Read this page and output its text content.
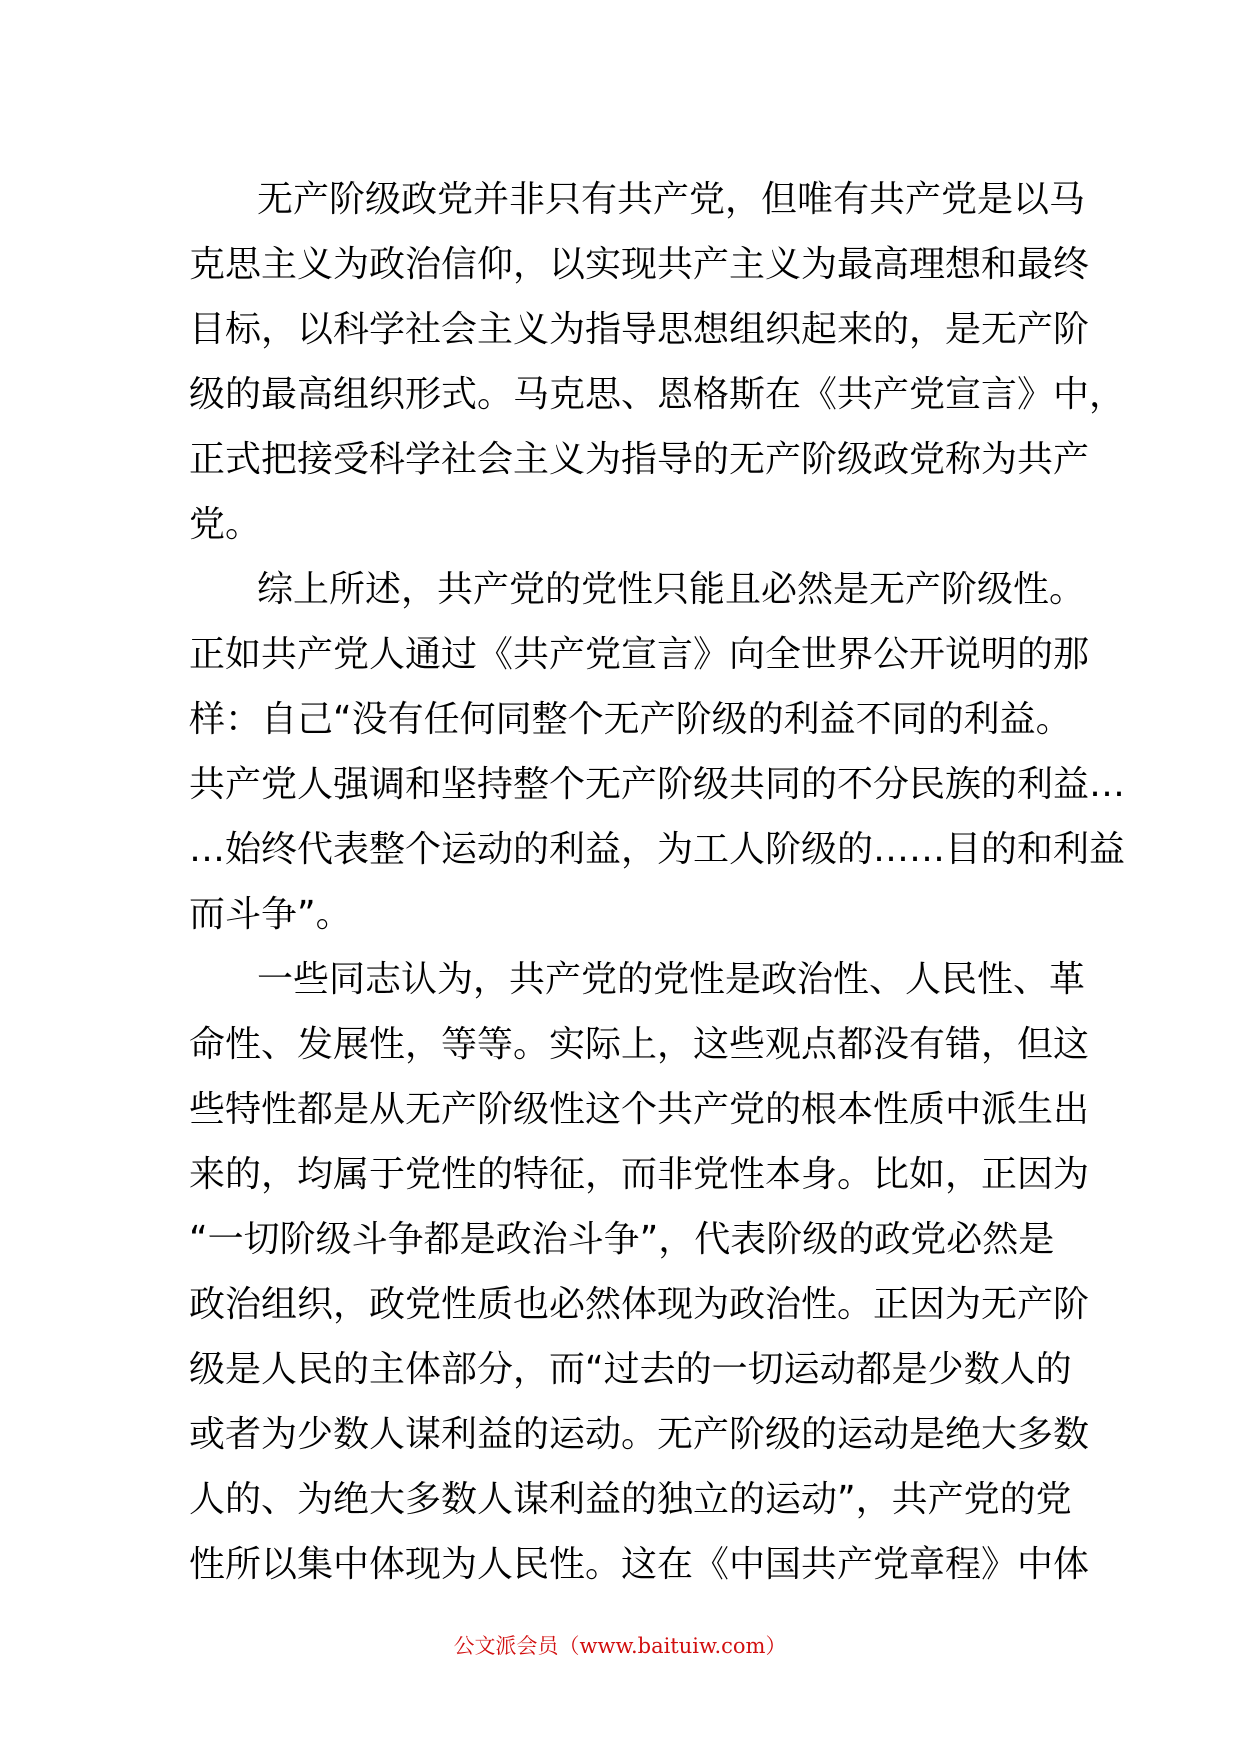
无产阶级政党并非只有共产党，但唯有共产党是以马
克思主义为政治信仰，以实现共产主义为最高理想和最终
目标，以科学社会主义为指导思想组织起来的，是无产阶
级的最高组织形式。马克思、恩格斯在《共产党宣言》中，
正式把接受科学社会主义为指导的无产阶级政党称为共产
党。
综上所述，共产党的党性只能且必然是无产阶级性。
正如共产党人通过《共产党宣言》向全世界公开说明的那
样：自己“没有任何同整个无产阶级的利益不同的利益。
共产党人强调和坚持整个无产阶级共同的不分民族的利益…
…始终代表整个运动的利益，为工人阶级的……目的和利益
而斗争”。
一些同志认为，共产党的党性是政治性、人民性、革
命性、发展性，等等。实际上，这些观点都没有错，但这
些特性都是从无产阶级性这个共产党的根本性质中派生出
来的，均属于党性的特征，而非党性本身。比如，正因为
“一切阶级斗争都是政治斗争”，代表阶级的政党必然是
政治组织，政党性质也必然体现为政治性。正因为无产阶
级是人民的主体部分，而“过去的一切运动都是少数人的
或者为少数人谋利益的运动。无产阶级的运动是绝大多数
人的、为绝大多数人谋利益的独立的运动”，共产党的党
性所以集中体现为人民性。这在《中国共产党章程》中体
公文派会员（www.baituiw.com）
